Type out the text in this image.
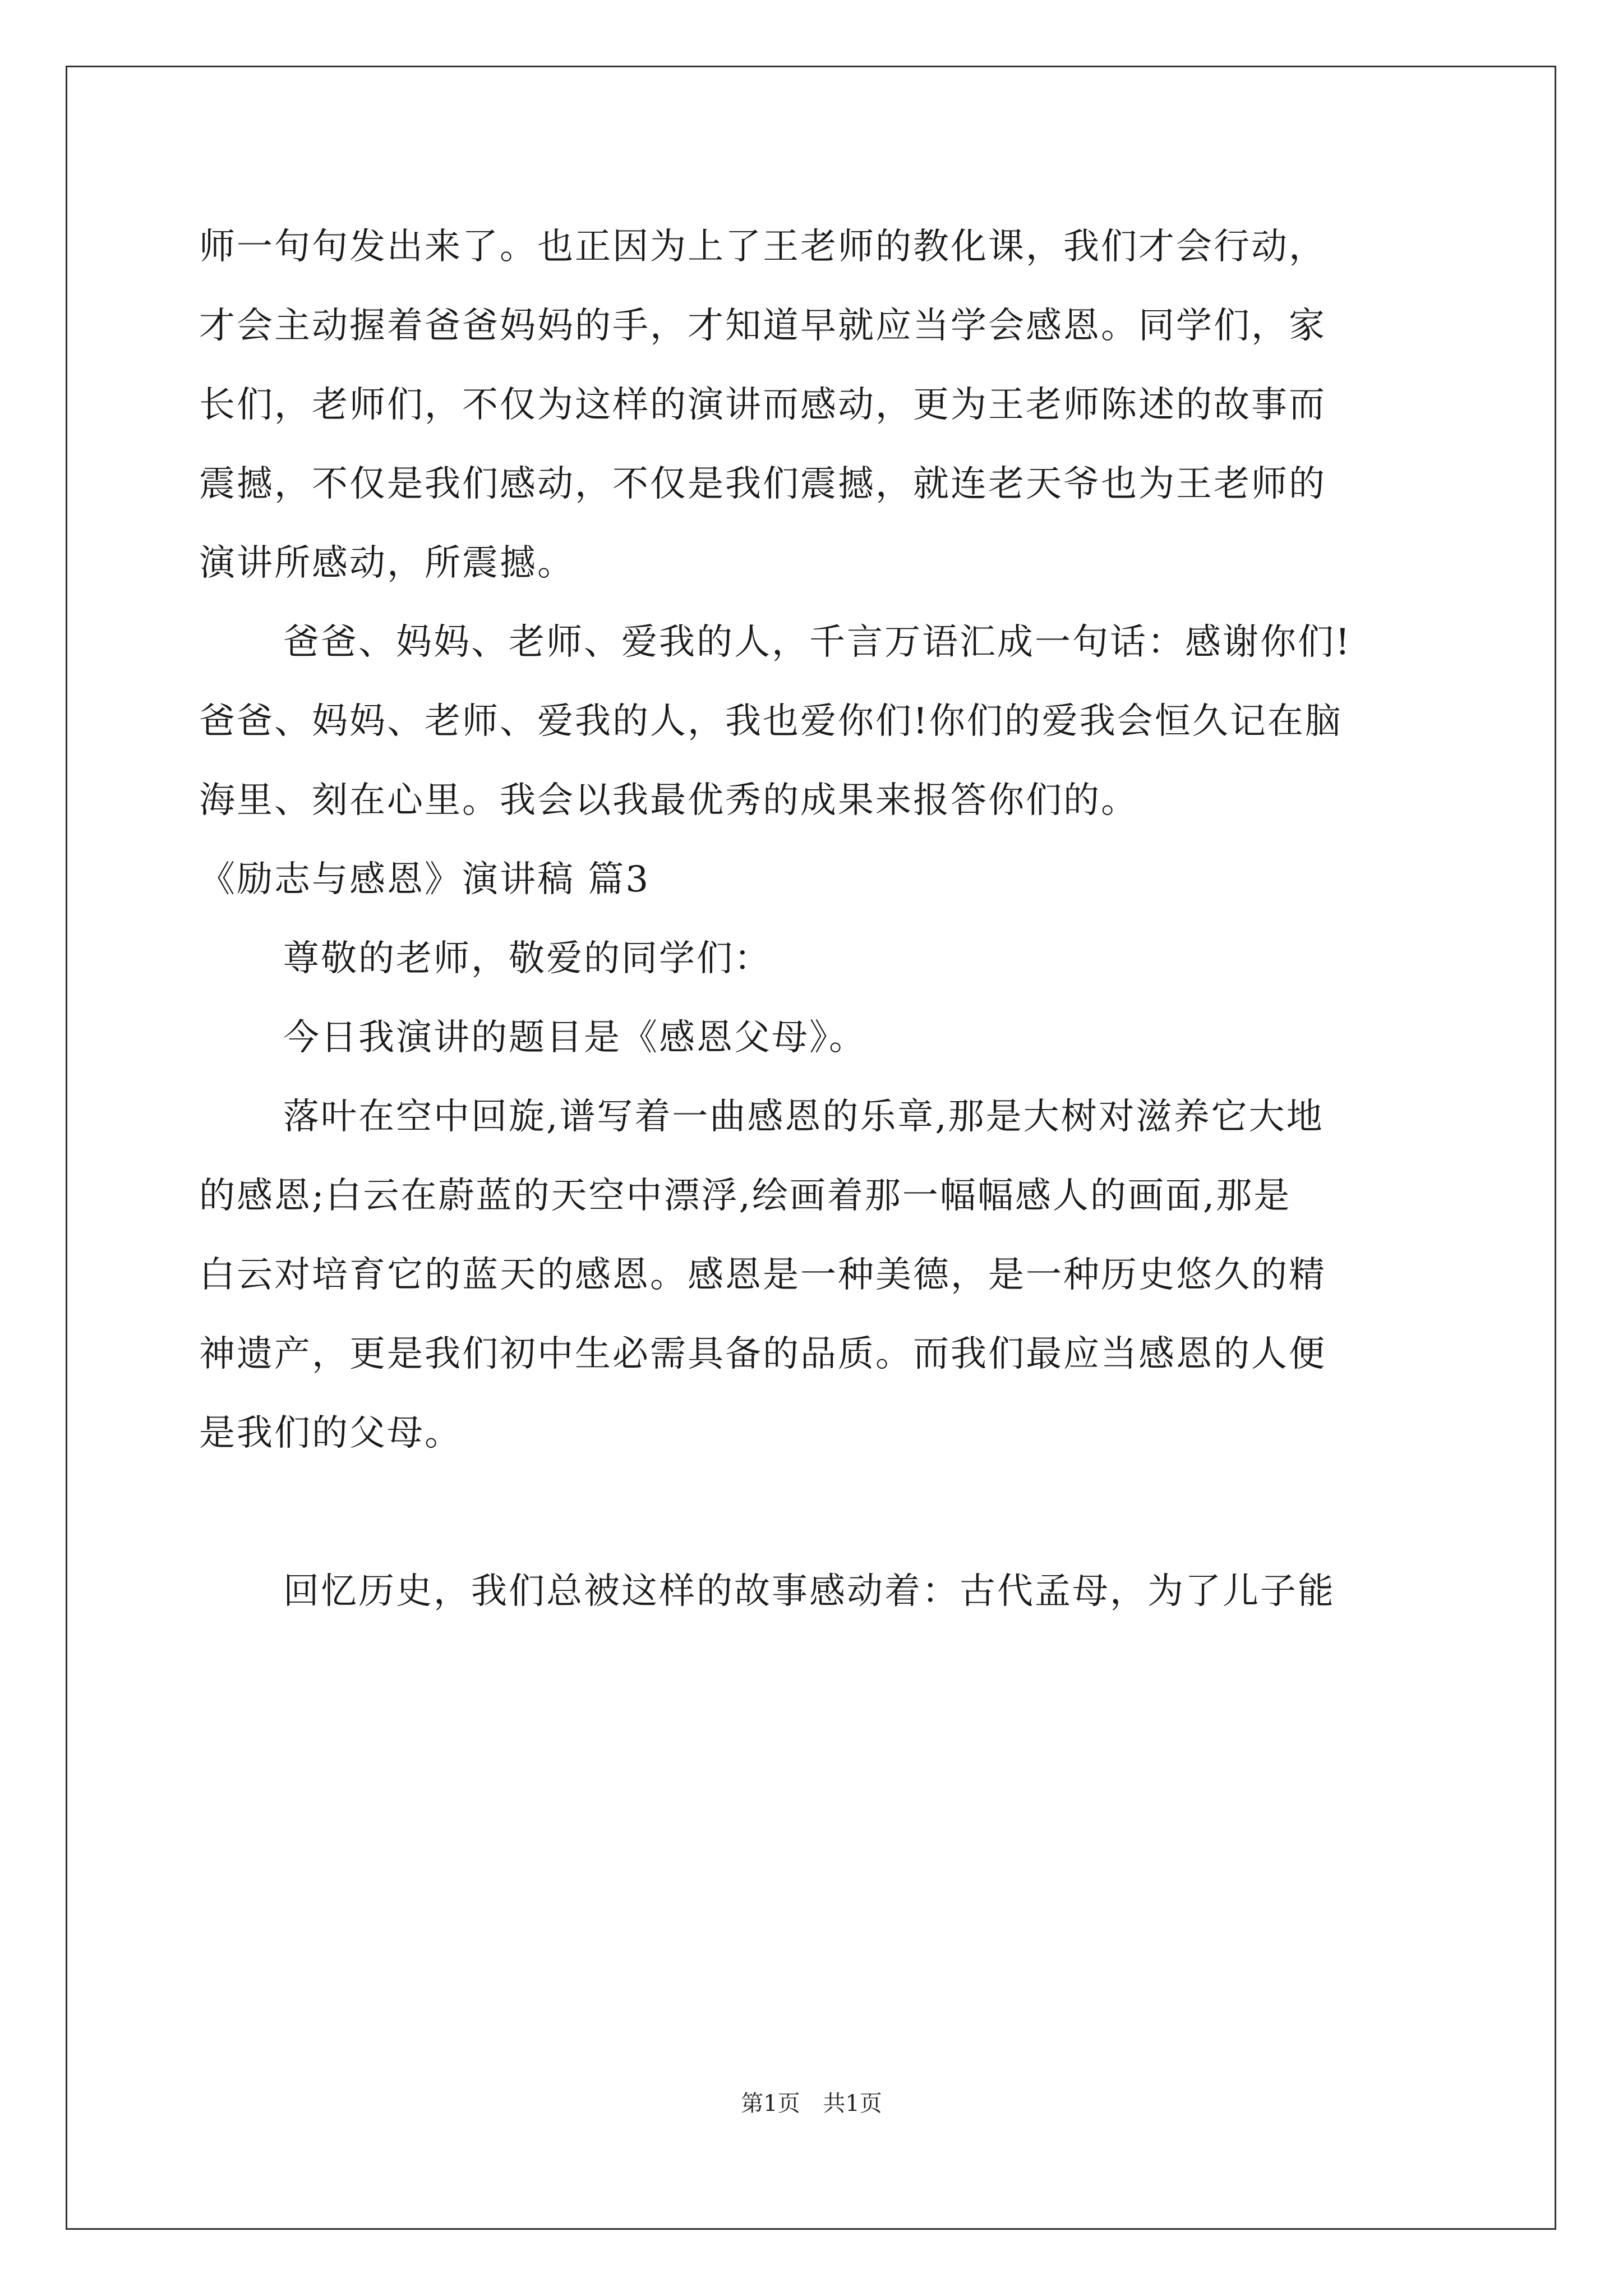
师一句句发出来了。也正因为上了王老师的教化课，我们才会行动，
才会主动握着爸爸妈妈的手，才知道早就应当学会感恩。同学们，家
长们，老师们，不仅为这样的演讲而感动，更为王老师陈述的故事而
震撼，不仅是我们感动，不仅是我们震撼，就连老天爷也为王老师的
演讲所感动，所震撼。
爸爸、妈妈、老师、爱我的人，千言万语汇成一句话：感谢你们!
爸爸、妈妈、老师、爱我的人，我也爱你们!你们的爱我会恒久记在脑
海里、刻在心里。我会以我最优秀的成果来报答你们的。
《励志与感恩》演讲稿 篇3
尊敬的老师，敬爱的同学们：
今日我演讲的题目是《感恩父母》。
落叶在空中回旋,谱写着一曲感恩的乐章,那是大树对滋养它大地
的感恩;白云在蔚蓝的天空中漂浮,绘画着那一幅幅感人的画面,那是
白云对培育它的蓝天的感恩。感恩是一种美德，是一种历史悠久的精
神遗产，更是我们初中生必需具备的品质。而我们最应当感恩的人便
是我们的父母。
回忆历史，我们总被这样的故事感动着：古代孟母，为了儿子能
第1页 共1页
